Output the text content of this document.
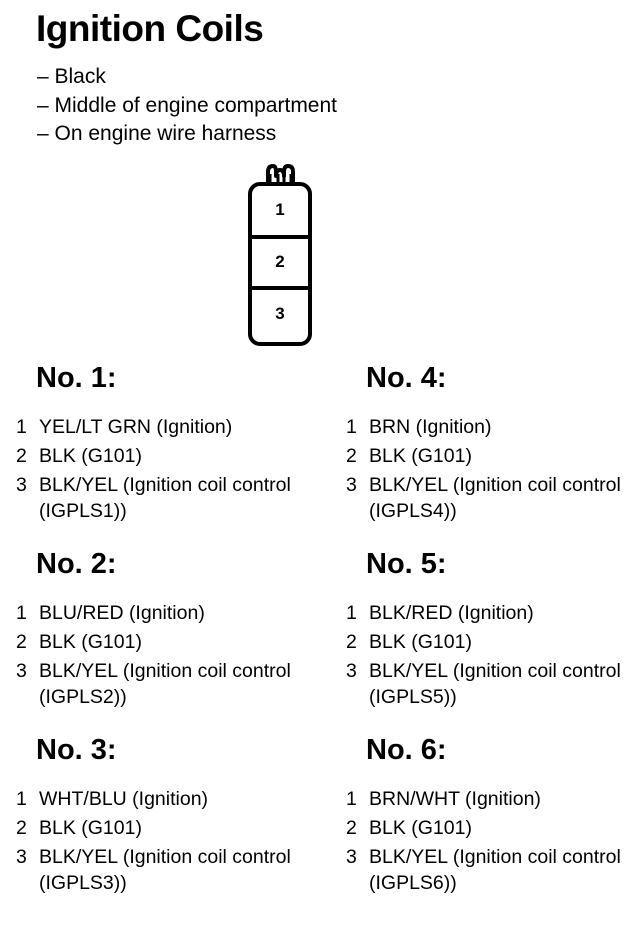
Ignition Coils
– Black
– Middle of engine compartment
– On engine wire harness
1
2
3
No. 1:
1 YEL/LT GRN (Ignition)
2 BLK (G101)
3 BLK/YEL (Ignition coil control (IGPLS1))
No. 4:
1 BRN (Ignition)
2 BLK (G101)
3 BLK/YEL (Ignition coil control (IGPLS4))
No. 2:
1 BLU/RED (Ignition)
2 BLK (G101)
3 BLK/YEL (Ignition coil control (IGPLS2))
No. 5:
1 BLK/RED (Ignition)
2 BLK (G101)
3 BLK/YEL (Ignition coil control (IGPLS5))
No. 3:
1 WHT/BLU (Ignition)
2 BLK (G101)
3 BLK/YEL (Ignition coil control (IGPLS3))
No. 6:
1 BRN/WHT (Ignition)
2 BLK (G101)
3 BLK/YEL (Ignition coil control (IGPLS6))
